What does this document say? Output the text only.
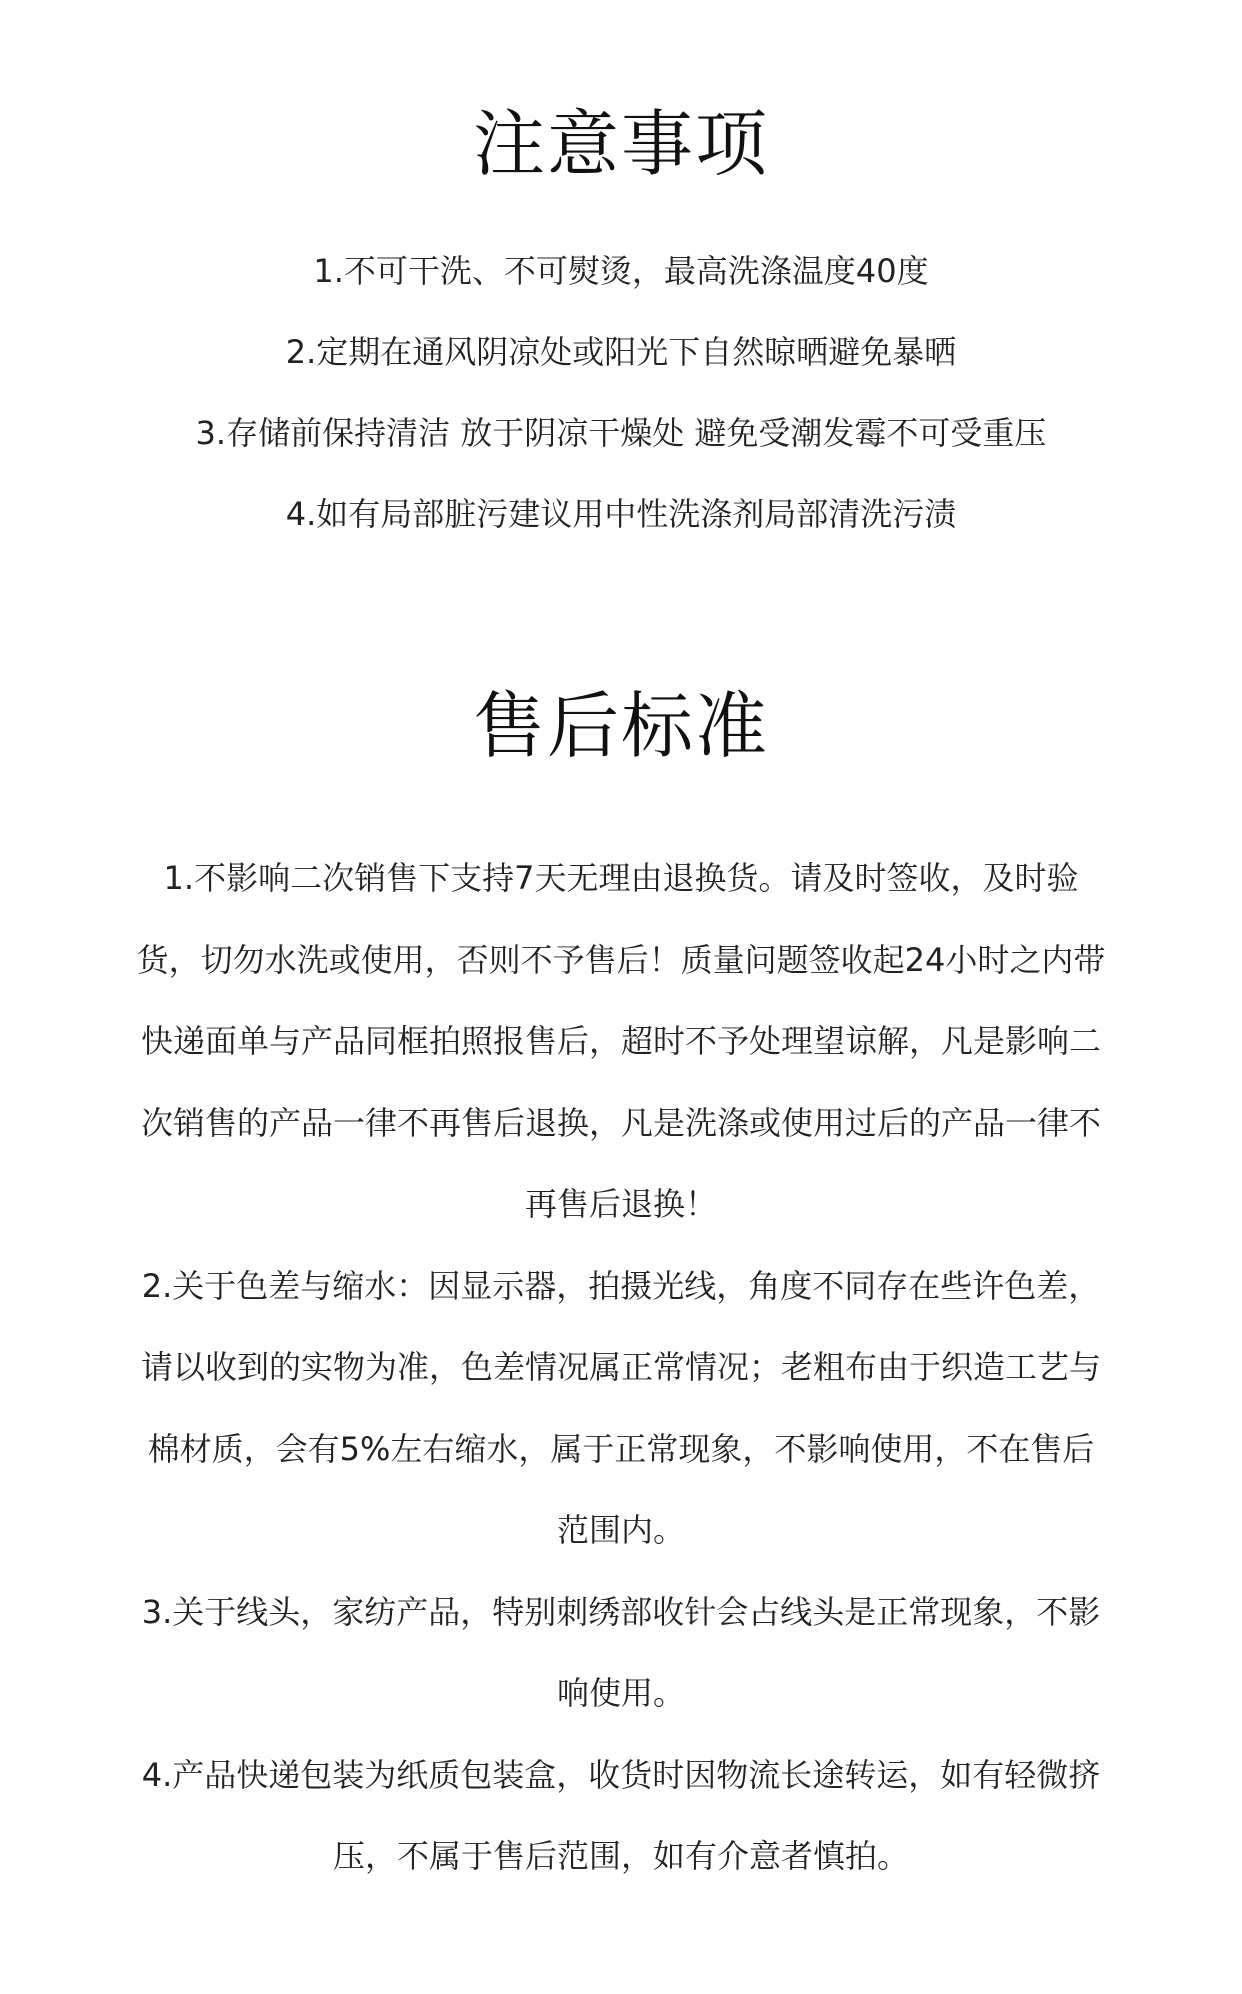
注意事项
1.不可干洗、不可熨烫，最高洗涤温度40度
2.定期在通风阴凉处或阳光下自然晾晒避免暴晒
3.存储前保持清洁 放于阴凉干燥处 避免受潮发霉不可受重压
4.如有局部脏污建议用中性洗涤剂局部清洗污渍
售后标准

1.不影响二次销售下支持7天无理由退换货。请及时签收，及时验货，切勿水洗或使用，否则不予售后！质量问题签收起24小时之内带快递面单与产品同框拍照报售后，超时不予处理望谅解，凡是影响二次销售的产品一律不再售后退换，凡是洗涤或使用过后的产品一律不再售后退换！

2.关于色差与缩水：因显示器，拍摄光线，角度不同存在些许色差，请以收到的实物为准，色差情况属正常情况；老粗布由于织造工艺与棉材质，会有5%左右缩水，属于正常现象，不影响使用，不在售后范围内。

3.关于线头，家纺产品，特别刺绣部收针会占线头是正常现象，不影响使用。

4.产品快递包装为纸质包装盒，收货时因物流长途转运，如有轻微挤压，不属于售后范围，如有介意者慎拍。
